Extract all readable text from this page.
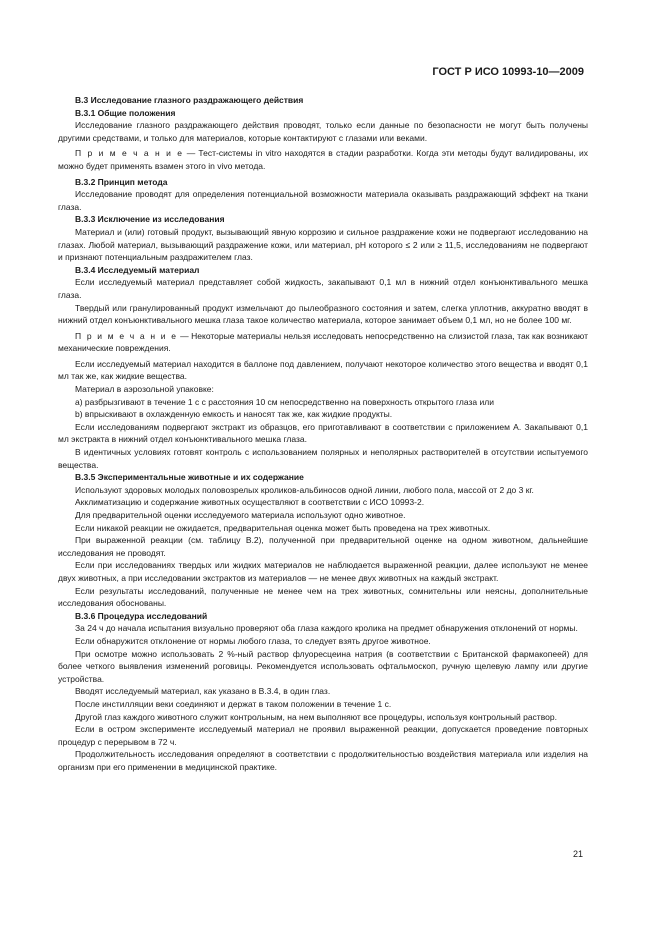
ГОСТ Р ИСО 10993-10—2009
В.3 Исследование глазного раздражающего действия
В.3.1 Общие положения
Исследование глазного раздражающего действия проводят, только если данные по безопасности не могут быть получены другими средствами, и только для материалов, которые контактируют с глазами или веками.
П р и м е ч а н и е — Тест-системы in vitro находятся в стадии разработки. Когда эти методы будут валидированы, их можно будет применять взамен этого in vivo метода.
В.3.2 Принцип метода
Исследование проводят для определения потенциальной возможности материала оказывать раздражающий эффект на ткани глаза.
В.3.3 Исключение из исследования
Материал и (или) готовый продукт, вызывающий явную коррозию и сильное раздражение кожи не подвергают исследованию на глазах. Любой материал, вызывающий раздражение кожи, или материал, pH которого ≤ 2 или ≥ 11,5, исследованиям не подвергают и признают потенциальным раздражителем глаз.
В.3.4 Исследуемый материал
Если исследуемый материал представляет собой жидкость, закапывают 0,1 мл в нижний отдел конъюнктивального мешка глаза.
Твердый или гранулированный продукт измельчают до пылеобразного состояния и затем, слегка уплотнив, аккуратно вводят в нижний отдел конъюнктивального мешка глаза такое количество материала, которое занимает объем 0,1 мл, но не более 100 мг.
П р и м е ч а н и е — Некоторые материалы нельзя исследовать непосредственно на слизистой глаза, так как возникают механические повреждения.
Если исследуемый материал находится в баллоне под давлением, получают некоторое количество этого вещества и вводят 0,1 мл так же, как жидкие вещества.
Материал в аэрозольной упаковке:
а) разбрызгивают в течение 1 с с расстояния 10 см непосредственно на поверхность открытого глаза или
b) впрыскивают в охлажденную емкость и наносят так же, как жидкие продукты.
Если исследованиям подвергают экстракт из образцов, его приготавливают в соответствии с приложением А. Закапывают 0,1 мл экстракта в нижний отдел конъюнктивального мешка глаза.
В идентичных условиях готовят контроль с использованием полярных и неполярных растворителей в отсутствии испытуемого вещества.
В.3.5 Экспериментальные животные и их содержание
Используют здоровых молодых половозрелых кроликов-альбиносов одной линии, любого пола, массой от 2 до 3 кг.
Акклиматизацию и содержание животных осуществляют в соответствии с ИСО 10993-2.
Для предварительной оценки исследуемого материала используют одно животное.
Если никакой реакции не ожидается, предварительная оценка может быть проведена на трех животных.
При выраженной реакции (см. таблицу В.2), полученной при предварительной оценке на одном животном, дальнейшие исследования не проводят.
Если при исследованиях твердых или жидких материалов не наблюдается выраженной реакции, далее используют не менее двух животных, а при исследовании экстрактов из материалов — не менее двух животных на каждый экстракт.
Если результаты исследований, полученные не менее чем на трех животных, сомнительны или неясны, дополнительные исследования обоснованы.
В.3.6 Процедура исследований
За 24 ч до начала испытания визуально проверяют оба глаза каждого кролика на предмет обнаружения отклонений от нормы.
Если обнаружится отклонение от нормы любого глаза, то следует взять другое животное.
При осмотре можно использовать 2 %-ный раствор флуоресцеина натрия (в соответствии с Британской фармакопеей) для более четкого выявления изменений роговицы. Рекомендуется использовать офтальмоскоп, ручную щелевую лампу или другие устройства.
Вводят исследуемый материал, как указано в В.3.4, в один глаз.
После инстилляции веки соединяют и держат в таком положении в течение 1 с.
Другой глаз каждого животного служит контрольным, на нем выполняют все процедуры, используя контрольный раствор.
Если в остром эксперименте исследуемый материал не проявил выраженной реакции, допускается проведение повторных процедур с перерывом в 72 ч.
Продолжительность исследования определяют в соответствии с продолжительностью воздействия материала или изделия на организм при его применении в медицинской практике.
21
